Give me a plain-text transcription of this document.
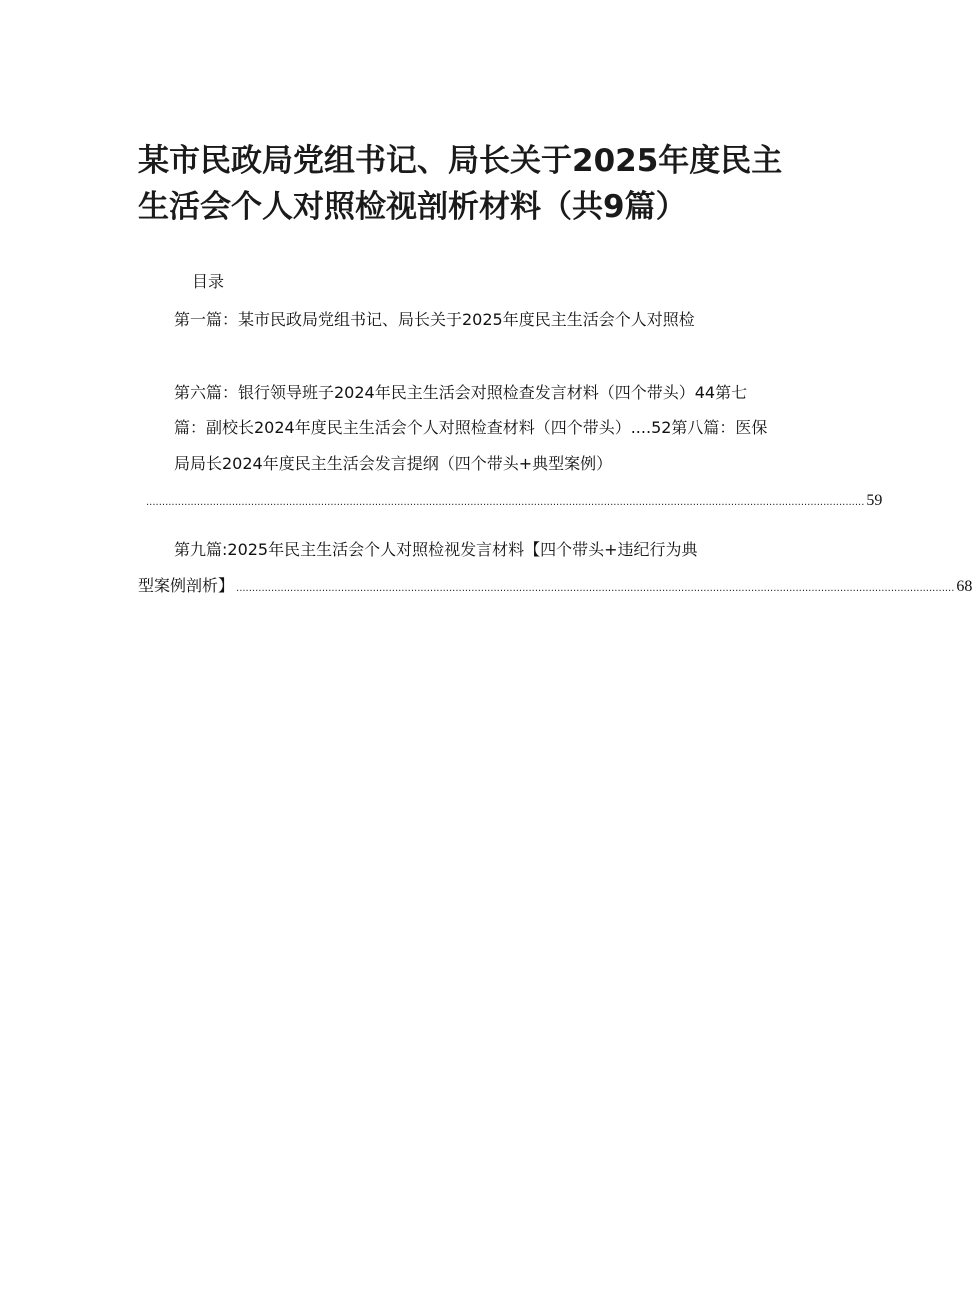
某市民政局党组书记、局长关于2025年度民主
生活会个人对照检视剖析材料（共9篇）
目录
第一篇：某市民政局党组书记、局长关于2025年度民主生活会个人对照检
第六篇：银行领导班子2024年民主生活会对照检查发言材料（四个带头）44第七
篇：副校长2024年度民主生活会个人对照检查材料（四个带头）....52第八篇：医保
局局长2024年度民主生活会发言提纲（四个带头+典型案例）
.................................................................................................................................................................................................................................. 59
第九篇:2025年民主生活会个人对照检视发言材料【四个带头+违纪行为典
型案例剖析】 .................................................................................................................................................................................................................................. 68
